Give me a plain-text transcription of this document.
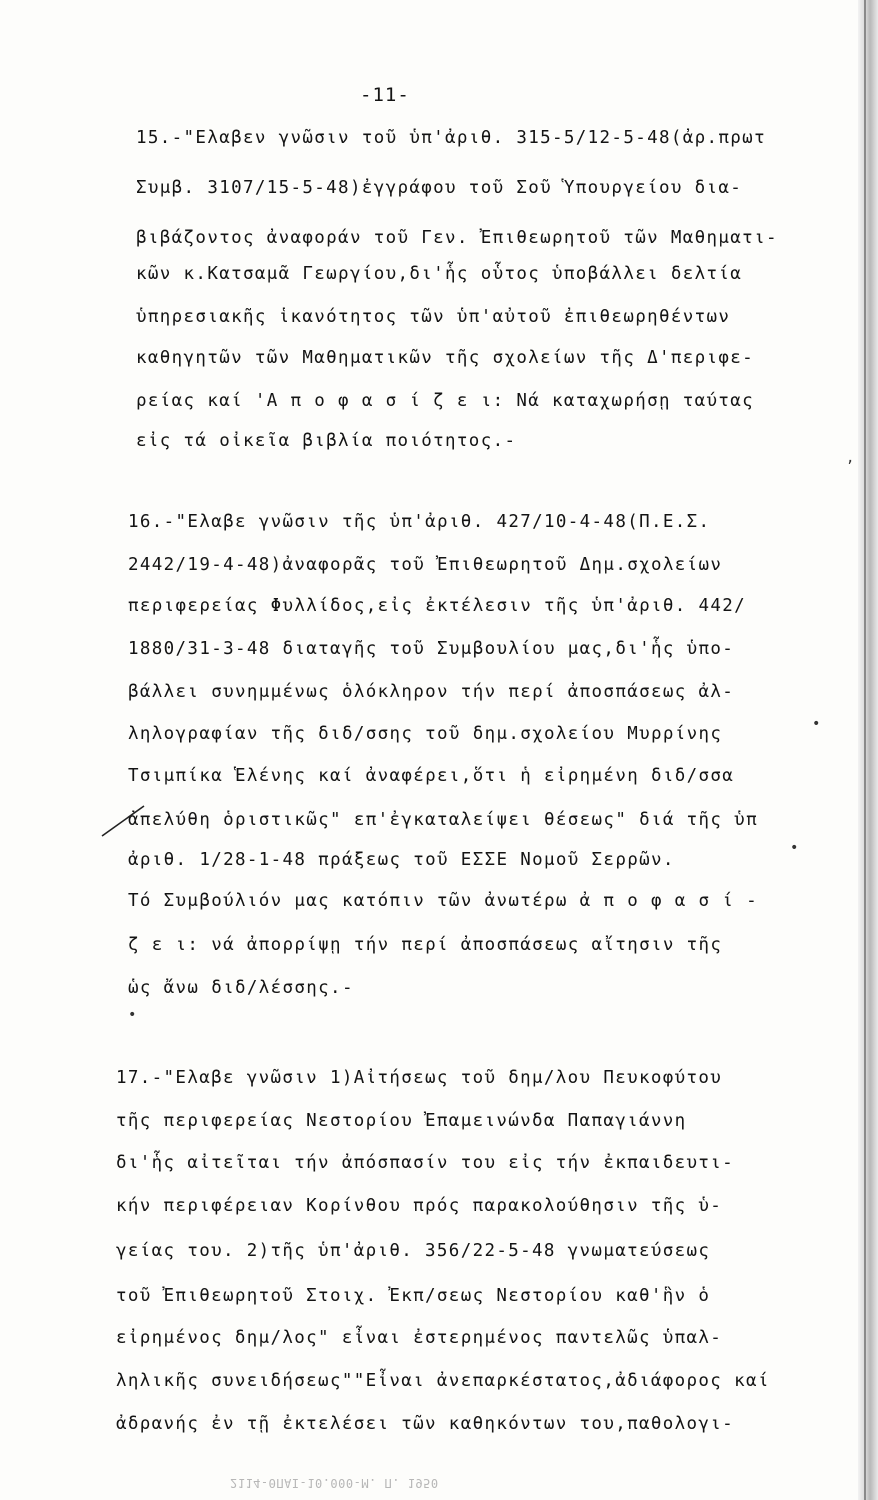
-11-
15.-"Ελαβεν γνῶσιν τοῦ ὑπ'ἀριθ. 315-5/12-5-48(ἀρ.πρωτ
Συμβ. 3107/15-5-48)ἐγγράφου τοῦ Σοῦ Ὑπουργείου δια-
βιβάζοντος ἀναφοράν τοῦ Γεν. Ἐπιθεωρητοῦ τῶν Μαθηματι-
κῶν κ.Κατσαμᾶ Γεωργίου,δι'ἧς οὗτος ὑποβάλλει δελτία
ὑπηρεσιακῆς ἱκανότητος τῶν ὑπ'αὐτοῦ ἐπιθεωρηθέντων
καθηγητῶν τῶν Μαθηματικῶν τῆς σχολείων τῆς Δ'περιφε-
ρείας καί 'Α π ο φ α σ ί ζ ε ι: Νά καταχωρήσῃ ταύτας
εἰς τά οἰκεῖα βιβλία ποιότητος.-
16.-"Ελαβε γνῶσιν τῆς ὑπ'ἀριθ. 427/10-4-48(Π.Ε.Σ.
2442/19-4-48)ἀναφορᾶς τοῦ Ἐπιθεωρητοῦ Δημ.σχολείων
περιφερείας Φυλλίδος,εἰς ἐκτέλεσιν τῆς ὑπ'ἀριθ. 442/
1880/31-3-48 διαταγῆς τοῦ Συμβουλίου μας,δι'ἧς ὑπο-
βάλλει συνημμένως ὁλόκληρον τήν περί ἀποσπάσεως ἀλ-
ληλογραφίαν τῆς διδ/σσης τοῦ δημ.σχολείου Μυρρίνης
Τσιμπίκα Ἑλένης καί ἀναφέρει,ὅτι ἡ εἰρημένη διδ/σσα
ἀπελύθη ὁριστικῶς" επ'ἐγκαταλείψει θέσεως" διά τῆς ὑπ
ἀριθ. 1/28-1-48 πράξεως τοῦ ΕΣΣΕ Νομοῦ Σερρῶν.
Τό Συμβούλιόν μας κατόπιν τῶν ἀνωτέρω ἀ π ο φ α σ ί -
ζ ε ι: νά ἀπορρίψῃ τήν περί ἀποσπάσεως αἴτησιν τῆς
ὡς ἄνω διδ/λέσσης.-
17.-"Ελαβε γνῶσιν 1)Αἰτήσεως τοῦ δημ/λου Πευκοφύτου
τῆς περιφερείας Νεστορίου Ἐπαμεινώνδα Παπαγιάννη
δι'ἧς αἰτεῖται τήν ἀπόσπασίν του εἰς τήν ἐκπαιδευτι-
κήν περιφέρειαν Κορίνθου πρός παρακολούθησιν τῆς ὑ-
γείας του. 2)τῆς ὑπ'ἀριθ. 356/22-5-48 γνωματεύσεως
τοῦ Ἐπιθεωρητοῦ Στοιχ. Ἐκπ/σεως Νεστορίου καθ'ἣν ὁ
εἰρημένος δημ/λος" εἶναι ἐστερημένος παντελῶς ὑπαλ-
ληλικῆς συνειδήσεως""Εἶναι ἀνεπαρκέστατος,ἀδιάφορος καί
ἀδρανής ἐν τῇ ἐκτελέσει τῶν καθηκόντων του,παθολογι-
•
•
•
,
2114-ΘΠΑΙ-10.000-Μ. Π. 1950
